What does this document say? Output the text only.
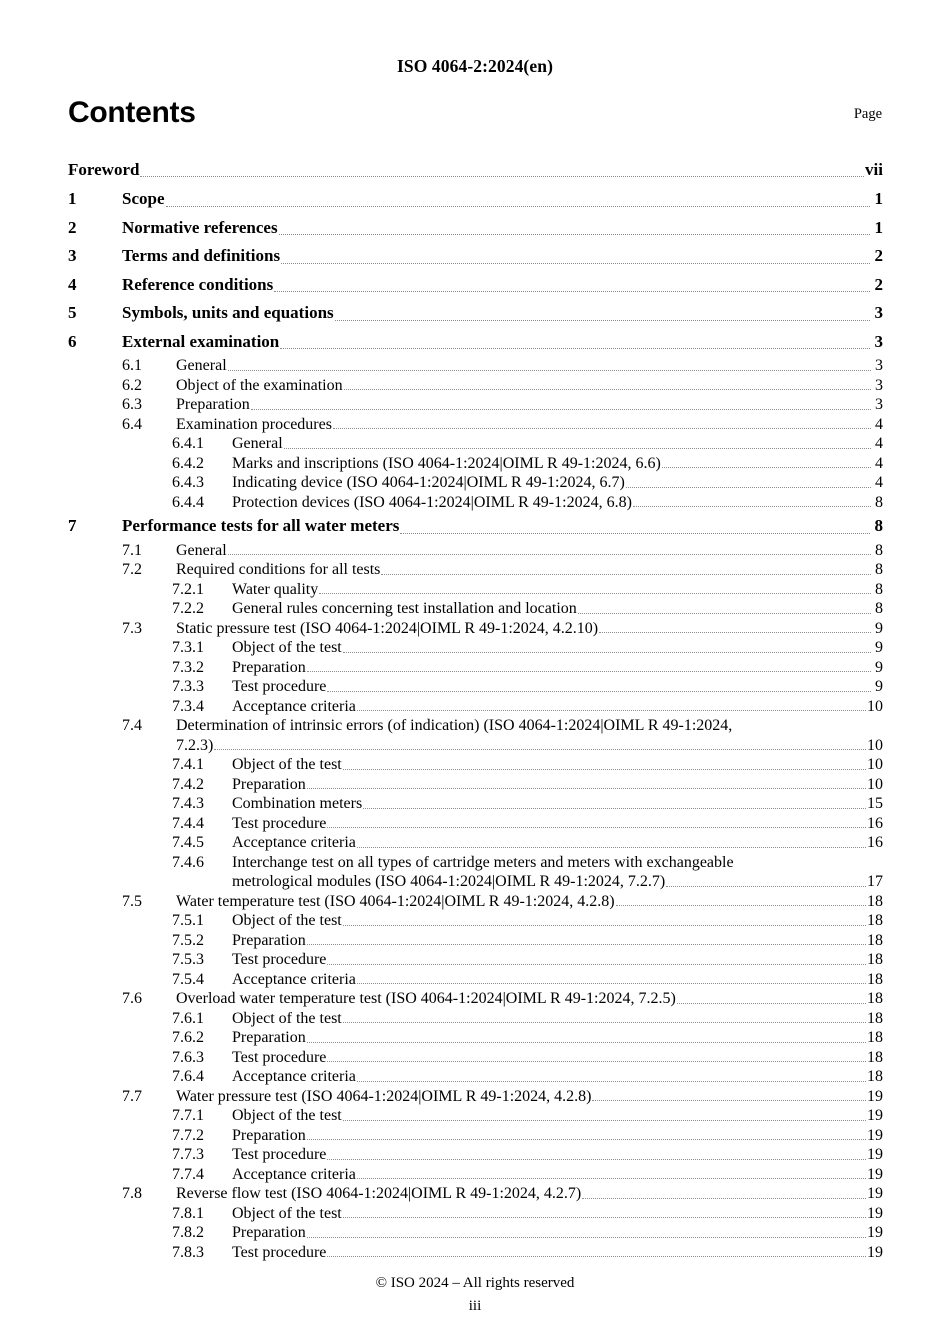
ISO 4064-2:2024(en)
Contents	Page
Foreword	vii
1	Scope	1
2	Normative references	1
3	Terms and definitions	2
4	Reference conditions	2
5	Symbols, units and equations	3
6	External examination	3
6.1	General	3
6.2	Object of the examination	3
6.3	Preparation	3
6.4	Examination procedures	4
6.4.1	General	4
6.4.2	Marks and inscriptions (ISO 4064-1:2024|OIML R 49-1:2024, 6.6)	4
6.4.3	Indicating device (ISO 4064-1:2024|OIML R 49-1:2024, 6.7)	4
6.4.4	Protection devices (ISO 4064-1:2024|OIML R 49-1:2024, 6.8)	8
7	Performance tests for all water meters	8
7.1	General	8
7.2	Required conditions for all tests	8
7.2.1	Water quality	8
7.2.2	General rules concerning test installation and location	8
7.3	Static pressure test (ISO 4064-1:2024|OIML R 49-1:2024, 4.2.10)	9
7.3.1	Object of the test	9
7.3.2	Preparation	9
7.3.3	Test procedure	9
7.3.4	Acceptance criteria	10
7.4	Determination of intrinsic errors (of indication) (ISO 4064-1:2024|OIML R 49-1:2024,
7.2.3)	10
7.4.1	Object of the test	10
7.4.2	Preparation	10
7.4.3	Combination meters	15
7.4.4	Test procedure	16
7.4.5	Acceptance criteria	16
7.4.6	Interchange test on all types of cartridge meters and meters with exchangeable
metrological modules (ISO 4064-1:2024|OIML R 49-1:2024, 7.2.7)	17
7.5	Water temperature test (ISO 4064-1:2024|OIML R 49-1:2024, 4.2.8)	18
7.5.1	Object of the test	18
7.5.2	Preparation	18
7.5.3	Test procedure	18
7.5.4	Acceptance criteria	18
7.6	Overload water temperature test (ISO 4064-1:2024|OIML R 49-1:2024, 7.2.5)	18
7.6.1	Object of the test	18
7.6.2	Preparation	18
7.6.3	Test procedure	18
7.6.4	Acceptance criteria	18
7.7	Water pressure test (ISO 4064-1:2024|OIML R 49-1:2024, 4.2.8)	19
7.7.1	Object of the test	19
7.7.2	Preparation	19
7.7.3	Test procedure	19
7.7.4	Acceptance criteria	19
7.8	Reverse flow test (ISO 4064-1:2024|OIML R 49-1:2024, 4.2.7)	19
7.8.1	Object of the test	19
7.8.2	Preparation	19
7.8.3	Test procedure	19
© ISO 2024 – All rights reserved
iii
